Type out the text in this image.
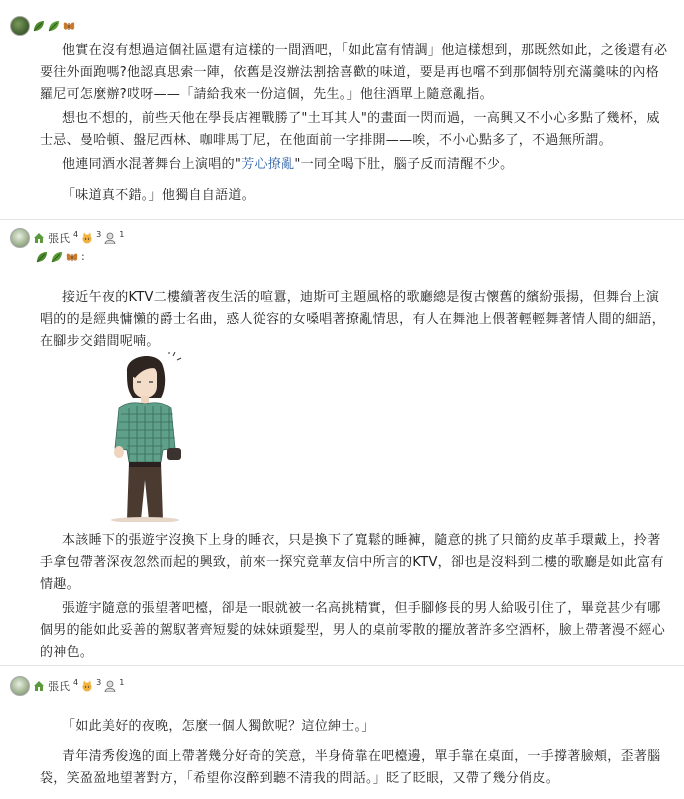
他實在沒有想過這個社區還有這樣的一間酒吧，「如此富有情調」他這樣想到，那既然如此，之後還有必要往外面跑嗎?他認真思索一陣，依舊是沒辦法割捨喜歡的味道，要是再也嚐不到那個特別充滿羹味的內格羅尼可怎麼辦?哎呀——「請給我來一份這個，先生。」他往酒單上隨意亂指。

想也不想的，前些天他在學長店裡戰勝了"土耳其人"的畫面一閃而過，一高興又不小心多點了幾杯，威士忌、曼哈頓、盤尼西林、咖啡馬丁尼，在他面前一字排開——唉，不小心點多了，不過無所謂。

他連同酒水混著舞台上演唱的"芳心撩亂"一同全喝下肚，腦子反而清醒不少。

「味道真不錯。」他獨自自語道。

張氏 4 3 1
:

接近午夜的KTV二樓續著夜生活的喧囂，迪斯可主題風格的歌廳總是復古懷舊的繽紛張揚，但舞台上演唱的的是經典慵懶的爵士名曲，惑人從容的女嗓唱著撩亂情思，有人在舞池上偎著輕輕舞著情人間的細語，在腳步交錯間呢喃。

本該睡下的張遊宇沒換下上身的睡衣，只是換下了寬鬆的睡褲，隨意的挑了只簡約皮革手環戴上，拎著手拿包帶著深夜忽然而起的興致，前來一探究竟華友信中所言的KTV，卻也是沒料到二樓的歌廳是如此富有情趣。

張遊宇隨意的張望著吧檯，卻是一眼就被一名高挑精實，但手腳修長的男人給吸引住了，畢竟甚少有哪個男的能如此妥善的駕馭著齊短髮的妹妹頭髮型，男人的桌前零散的擺放著許多空酒杯，臉上帶著漫不經心的神色。

張氏 4 3 1

「如此美好的夜晚，怎麼一個人獨飲呢？這位紳士。」

青年清秀俊逸的面上帶著幾分好奇的笑意，半身倚靠在吧檯邊，單手靠在桌面，一手撐著臉頰，歪著腦袋，笑盈盈地望著對方，「希望你沒醉到聽不清我的問話。」眨了眨眼，又帶了幾分俏皮。
